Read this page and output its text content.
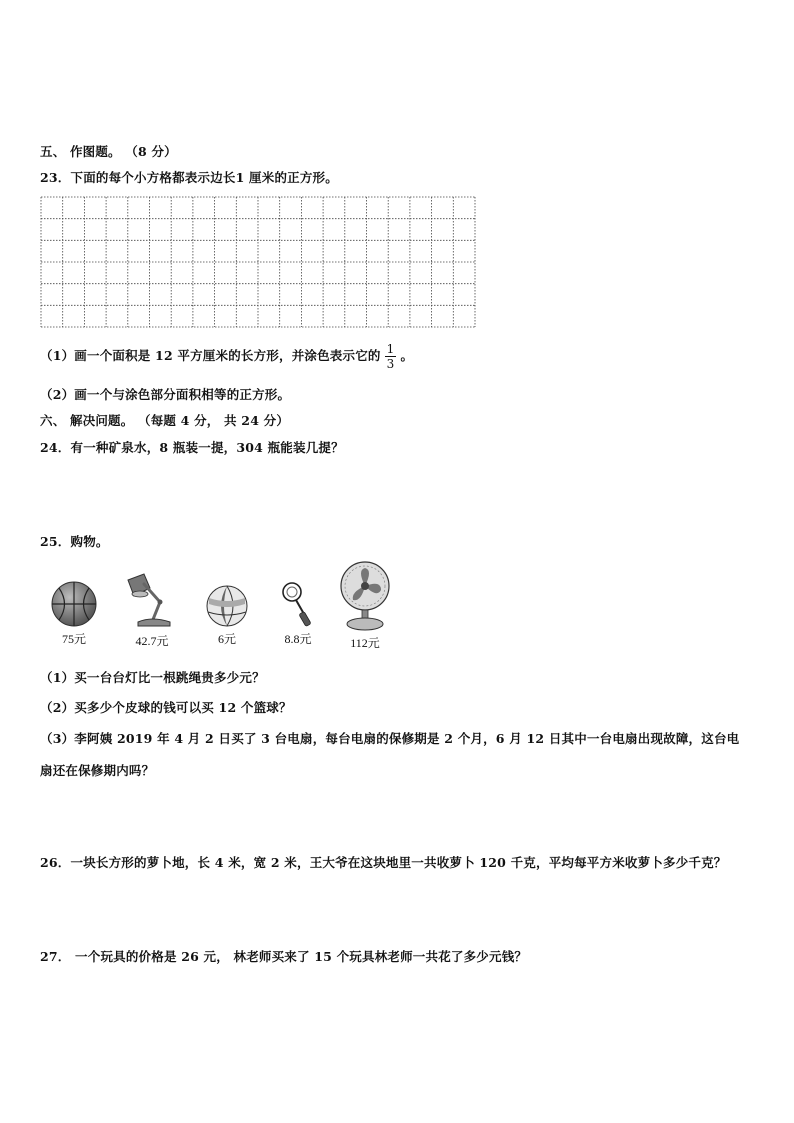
五、 作图题。 （8 分）
23．下面的每个小方格都表示边长1 厘米的正方形。
（1）画一个面积是 12 平方厘米的长方形，并涂色表示它的 $\frac{1}{3}$ 。
（2）画一个与涂色部分面积相等的正方形。
六、 解决问题。 （每题 4 分， 共 24 分）
24．有一种矿泉水，8 瓶装一提，304 瓶能装几提？
25．购物。
75元	42.7元	6元	8.8元	112元
（1）买一台台灯比一根跳绳贵多少元？
（2）买多少个皮球的钱可以买 12 个篮球？
（3）李阿姨 2019 年 4 月 2 日买了 3 台电扇，每台电扇的保修期是 2 个月，6 月 12 日其中一台电扇出现故障，这台电
扇还在保修期内吗？
26．一块长方形的萝卜地，长 4 米，宽 2 米，王大爷在这块地里一共收萝卜 120 千克，平均每平方米收萝卜多少千克？
27． 一个玩具的价格是 26 元， 林老师买来了 15 个玩具林老师一共花了多少元钱？
